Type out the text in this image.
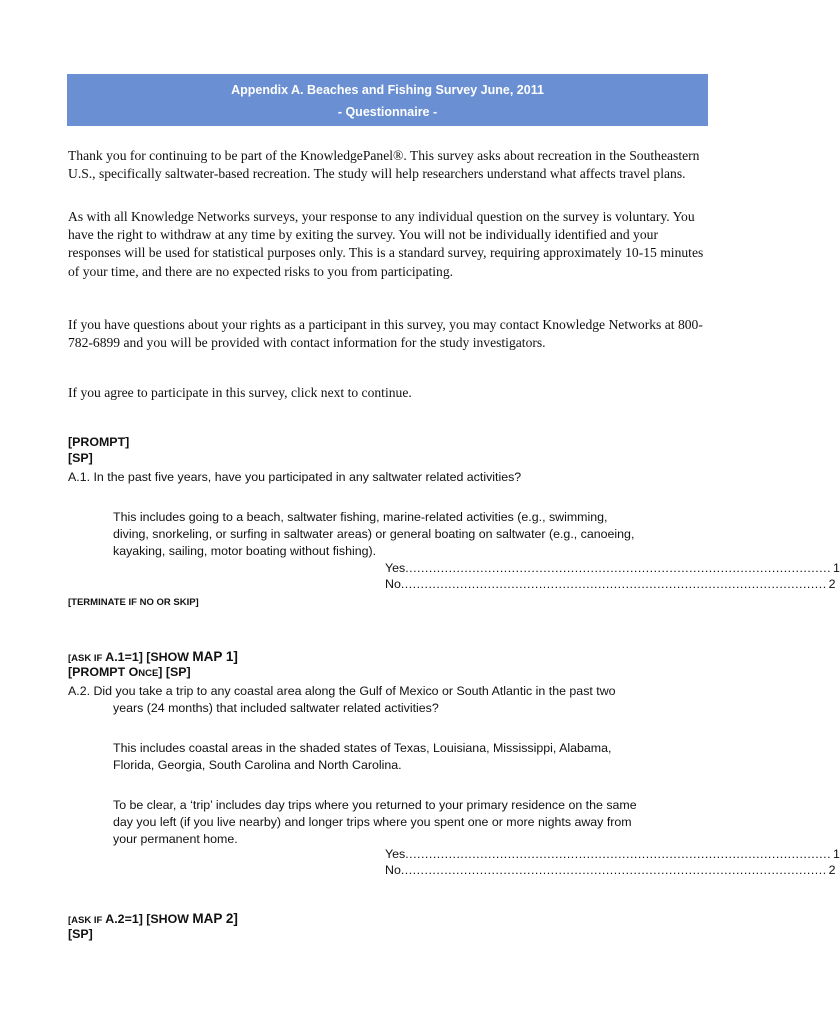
Appendix A. Beaches and Fishing Survey June, 2011
- Questionnaire -

Thank you for continuing to be part of the KnowledgePanel®. This survey asks about recreation in the Southeastern U.S., specifically saltwater-based recreation. The study will help researchers understand what affects travel plans.

As with all Knowledge Networks surveys, your response to any individual question on the survey is voluntary. You have the right to withdraw at any time by exiting the survey. You will not be individually identified and your responses will be used for statistical purposes only. This is a standard survey, requiring approximately 10-15 minutes of your time, and there are no expected risks to you from participating.

If you have questions about your rights as a participant in this survey, you may contact Knowledge Networks at 800-782-6899 and you will be provided with contact information for the study investigators.

If you agree to participate in this survey, click next to continue.

[PROMPT]

[SP]

A.1. In the past five years, have you participated in any saltwater related activities?

This includes going to a beach, saltwater fishing, marine-related activities (e.g., swimming,
diving, snorkeling, or surfing in saltwater areas) or general boating on saltwater (e.g., canoeing,
kayaking, sailing, motor boating without fishing).
Yes ............................................................................................................ 1
No ............................................................................................................ 2

[TERMINATE IF NO OR SKIP]

[ASK IF A.1=1] [SHOW MAP 1]

[PROMPT ONCE] [SP]

A.2. Did you take a trip to any coastal area along the Gulf of Mexico or South Atlantic in the past two
years (24 months) that included saltwater related activities?
This includes coastal areas in the shaded states of Texas, Louisiana, Mississippi, Alabama,
Florida, Georgia, South Carolina and North Carolina.
To be clear, a ‘trip’ includes day trips where you returned to your primary residence on the same
day you left (if you live nearby) and longer trips where you spent one or more nights away from
your permanent home.
Yes ............................................................................................................ 1
No ............................................................................................................ 2

[ASK IF A.2=1] [SHOW MAP 2]

[SP]
